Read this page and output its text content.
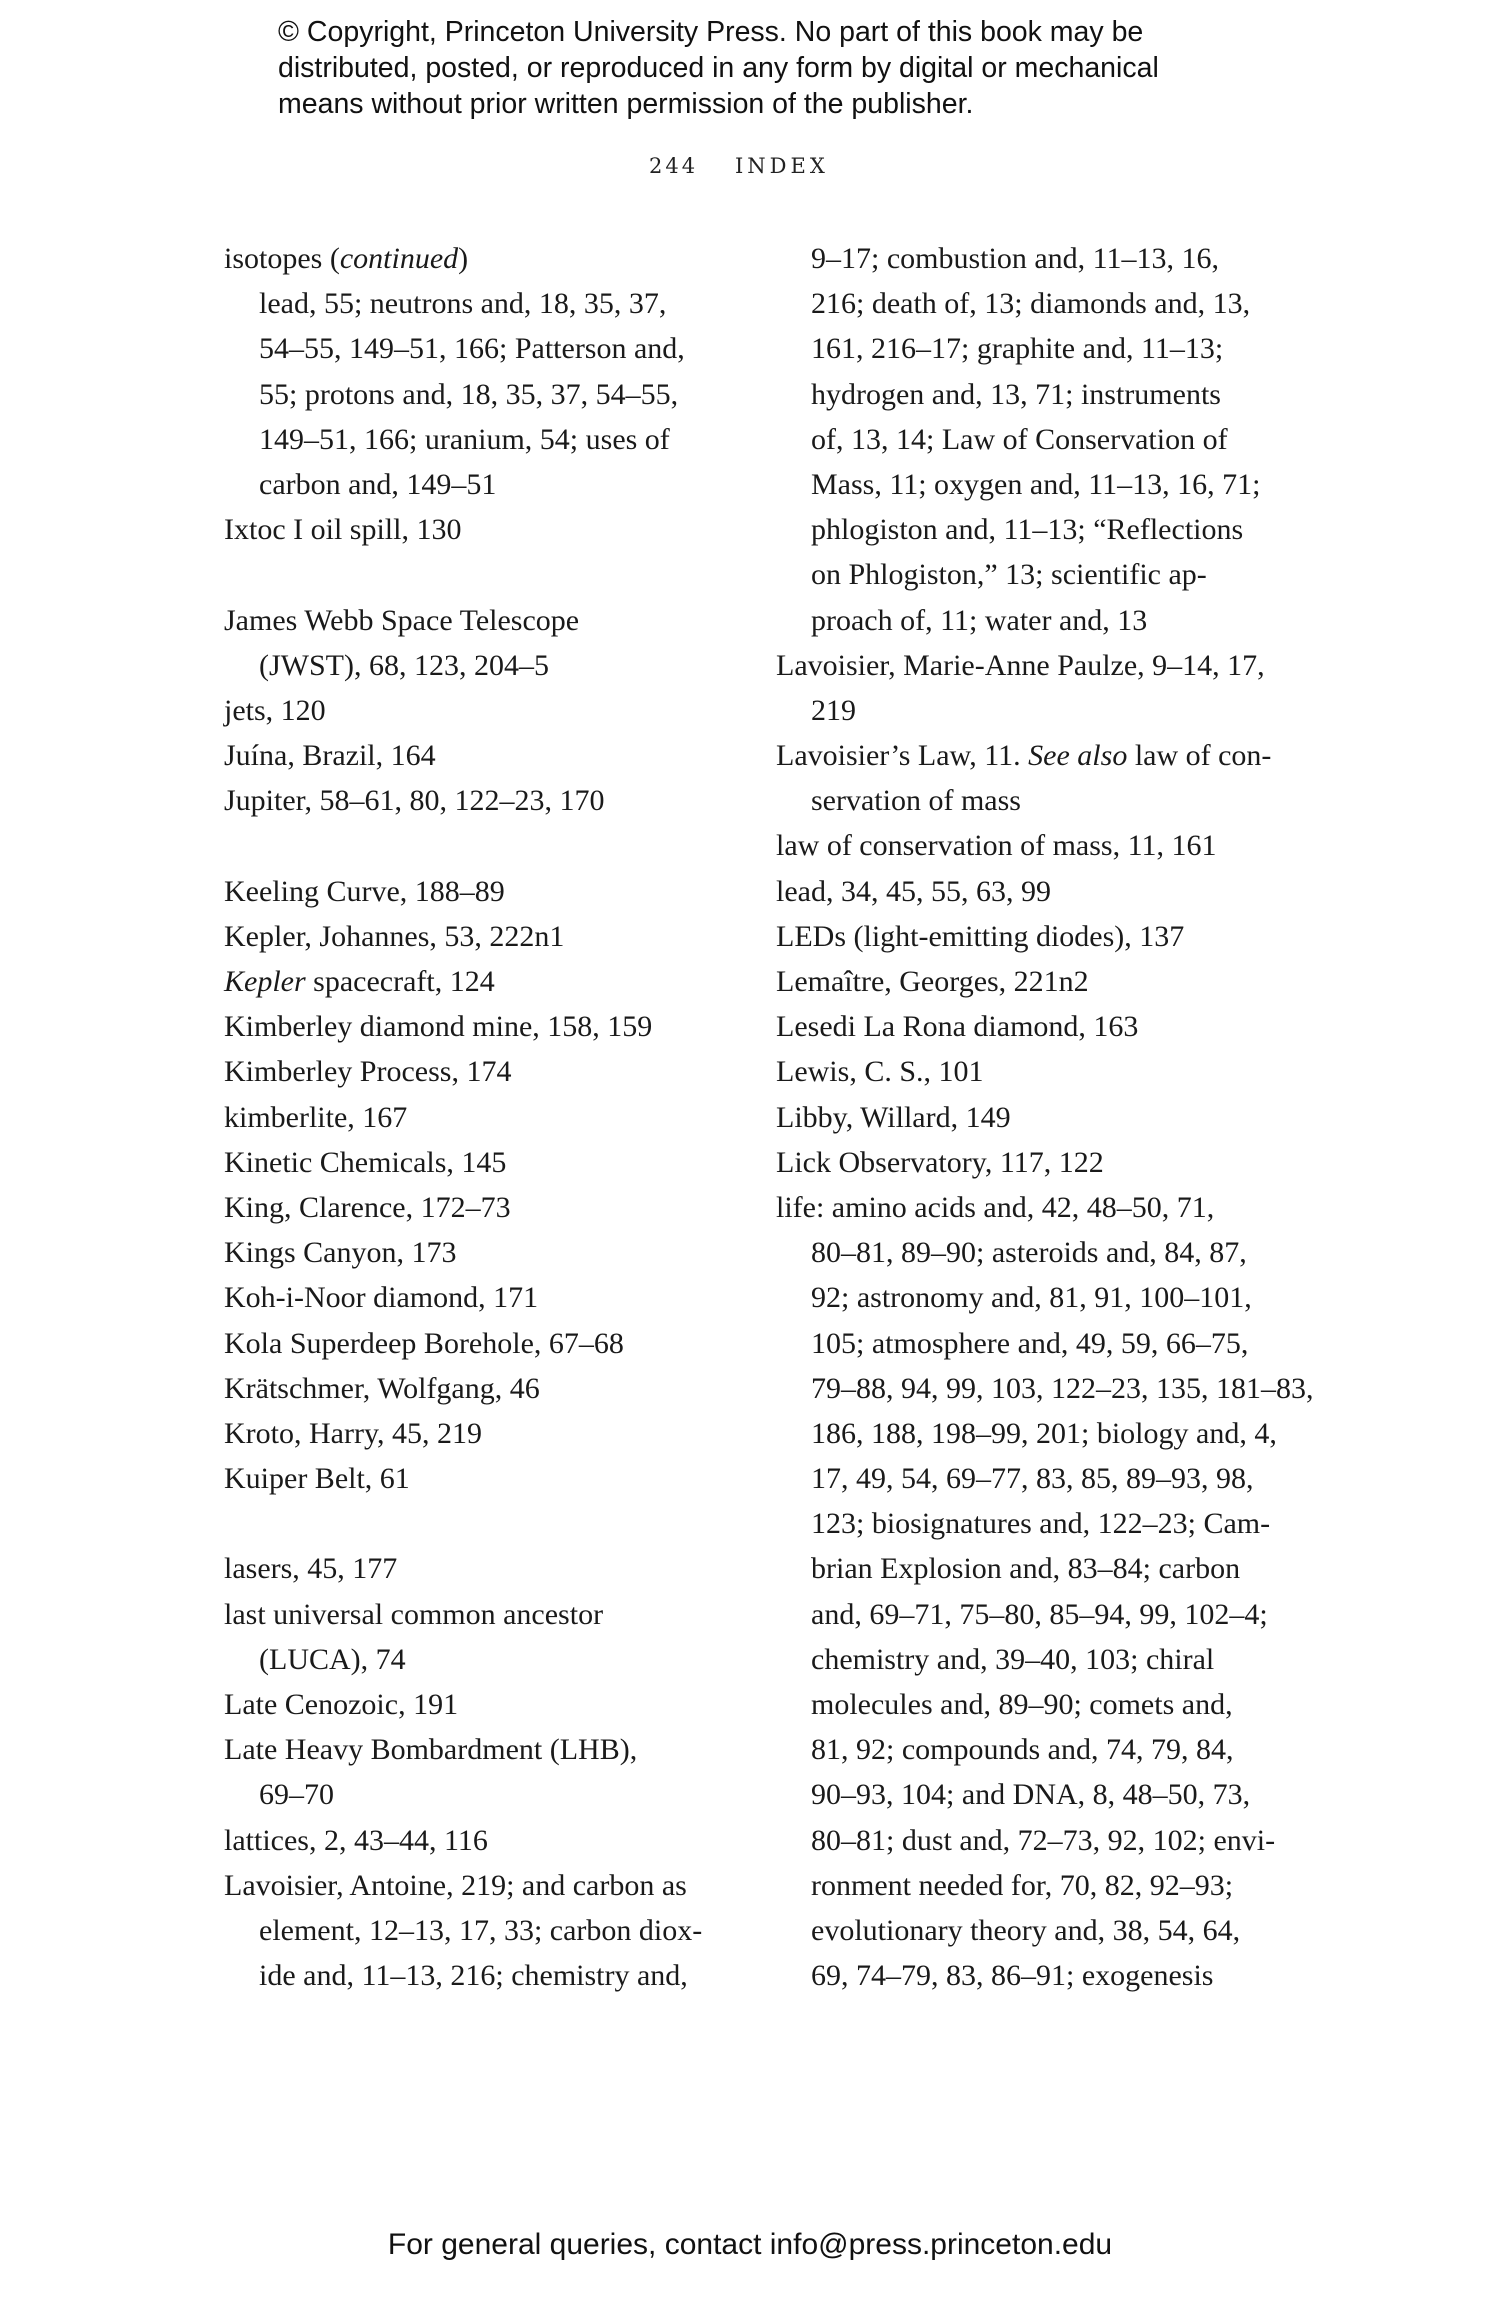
© Copyright, Princeton University Press. No part of this book may be
distributed, posted, or reproduced in any form by digital or mechanical
means without prior written permission of the publisher.
244 INDEX
isotopes (continued)
lead, 55; neutrons and, 18, 35, 37,
54–55, 149–51, 166; Patterson and,
55; protons and, 18, 35, 37, 54–55,
149–51, 166; uranium, 54; uses of
carbon and, 149–51
Ixtoc I oil spill, 130
James Webb Space Telescope
(JWST), 68, 123, 204–5
jets, 120
Juína, Brazil, 164
Jupiter, 58–61, 80, 122–23, 170
Keeling Curve, 188–89
Kepler, Johannes, 53, 222n1
Kepler spacecraft, 124
Kimberley diamond mine, 158, 159
Kimberley Process, 174
kimberlite, 167
Kinetic Chemicals, 145
King, Clarence, 172–73
Kings Canyon, 173
Koh-i-Noor diamond, 171
Kola Superdeep Borehole, 67–68
Krätschmer, Wolfgang, 46
Kroto, Harry, 45, 219
Kuiper Belt, 61
lasers, 45, 177
last universal common ancestor
(LUCA), 74
Late Cenozoic, 191
Late Heavy Bombardment (LHB),
69–70
lattices, 2, 43–44, 116
Lavoisier, Antoine, 219; and carbon as
element, 12–13, 17, 33; carbon diox-
ide and, 11–13, 216; chemistry and,
9–17; combustion and, 11–13, 16,
216; death of, 13; diamonds and, 13,
161, 216–17; graphite and, 11–13;
hydrogen and, 13, 71; instruments
of, 13, 14; Law of Conservation of
Mass, 11; oxygen and, 11–13, 16, 71;
phlogiston and, 11–13; “Reflections
on Phlogiston,” 13; scientific ap-
proach of, 11; water and, 13
Lavoisier, Marie-Anne Paulze, 9–14, 17,
219
Lavoisier’s Law, 11. See also law of con-
servation of mass
law of conservation of mass, 11, 161
lead, 34, 45, 55, 63, 99
LEDs (light-emitting diodes), 137
Lemaître, Georges, 221n2
Lesedi La Rona diamond, 163
Lewis, C. S., 101
Libby, Willard, 149
Lick Observatory, 117, 122
life: amino acids and, 42, 48–50, 71,
80–81, 89–90; asteroids and, 84, 87,
92; astronomy and, 81, 91, 100–101,
105; atmosphere and, 49, 59, 66–75,
79–88, 94, 99, 103, 122–23, 135, 181–83,
186, 188, 198–99, 201; biology and, 4,
17, 49, 54, 69–77, 83, 85, 89–93, 98,
123; biosignatures and, 122–23; Cam-
brian Explosion and, 83–84; carbon
and, 69–71, 75–80, 85–94, 99, 102–4;
chemistry and, 39–40, 103; chiral
molecules and, 89–90; comets and,
81, 92; compounds and, 74, 79, 84,
90–93, 104; and DNA, 8, 48–50, 73,
80–81; dust and, 72–73, 92, 102; envi-
ronment needed for, 70, 82, 92–93;
evolutionary theory and, 38, 54, 64,
69, 74–79, 83, 86–91; exogenesis
For general queries, contact info@press.princeton.edu
